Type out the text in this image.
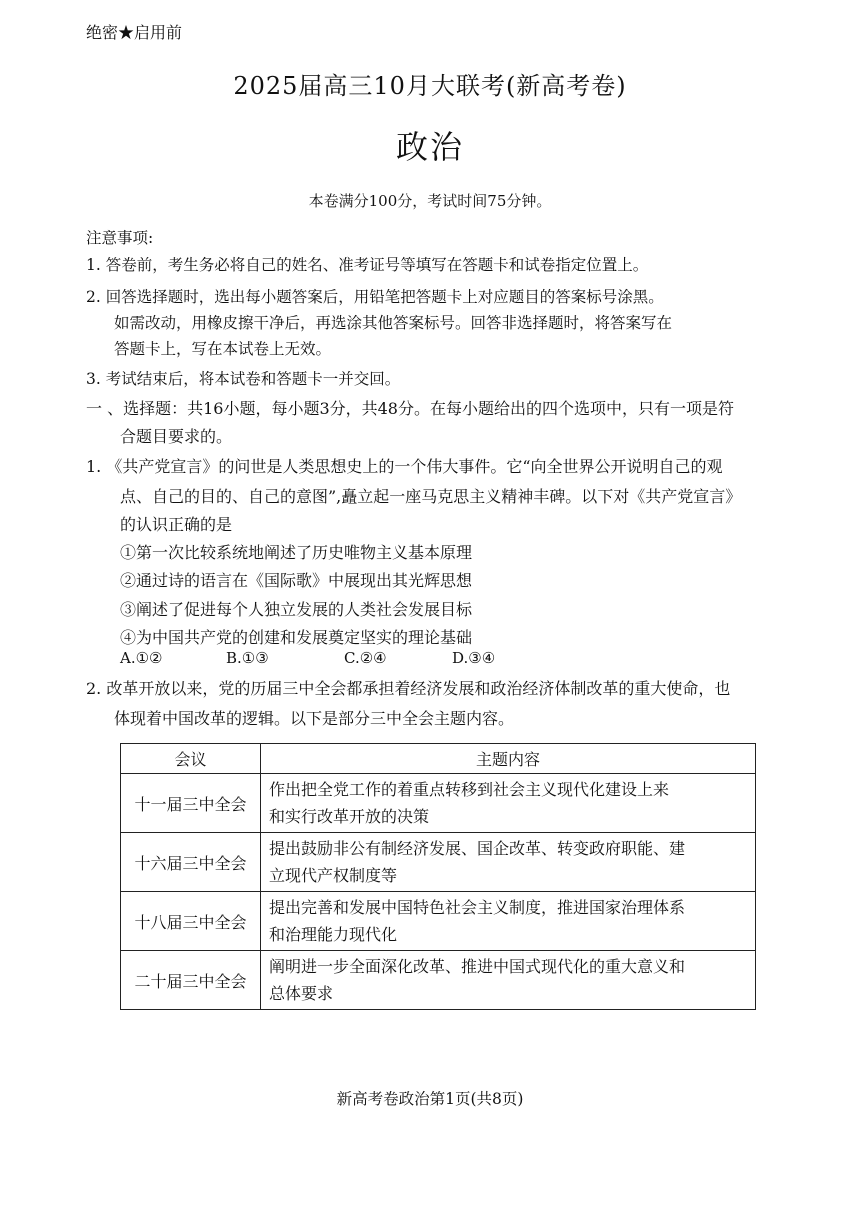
绝密★启用前
2025届高三10月大联考(新高考卷)
政治
本卷满分100分，考试时间75分钟。
注意事项:
1. 答卷前，考生务必将自己的姓名、准考证号等填写在答题卡和试卷指定位置上。
2. 回答选择题时，选出每小题答案后，用铅笔把答题卡上对应题目的答案标号涂黑。
如需改动，用橡皮擦干净后，再选涂其他答案标号。回答非选择题时，将答案写在
答题卡上，写在本试卷上无效。
3. 考试结束后，将本试卷和答题卡一并交回。
一 、选择题：共16小题，每小题3分，共48分。在每小题给出的四个选项中，只有一项是符
合题目要求的。
1. 《共产党宣言》的问世是人类思想史上的一个伟大事件。它“向全世界公开说明自己的观
点、自己的目的、自己的意图”,矗立起一座马克思主义精神丰碑。以下对《共产党宣言》
的认识正确的是
①第一次比较系统地阐述了历史唯物主义基本原理
②通过诗的语言在《国际歌》中展现出其光辉思想
③阐述了促进每个人独立发展的人类社会发展目标
④为中国共产党的创建和发展奠定坚实的理论基础
A.①②	B.①③	C.②④	D.③④
2. 改革开放以来，党的历届三中全会都承担着经济发展和政治经济体制改革的重大使命，也
体现着中国改革的逻辑。以下是部分三中全会主题内容。
会议	主题内容
十一届三中全会	作出把全党工作的着重点转移到社会主义现代化建设上来
和实行改革开放的决策
十六届三中全会	提出鼓励非公有制经济发展、国企改革、转变政府职能、建
立现代产权制度等
十八届三中全会	提出完善和发展中国特色社会主义制度，推进国家治理体系
和治理能力现代化
二十届三中全会	阐明进一步全面深化改革、推进中国式现代化的重大意义和
总体要求
新高考卷政治第1页(共8页)
